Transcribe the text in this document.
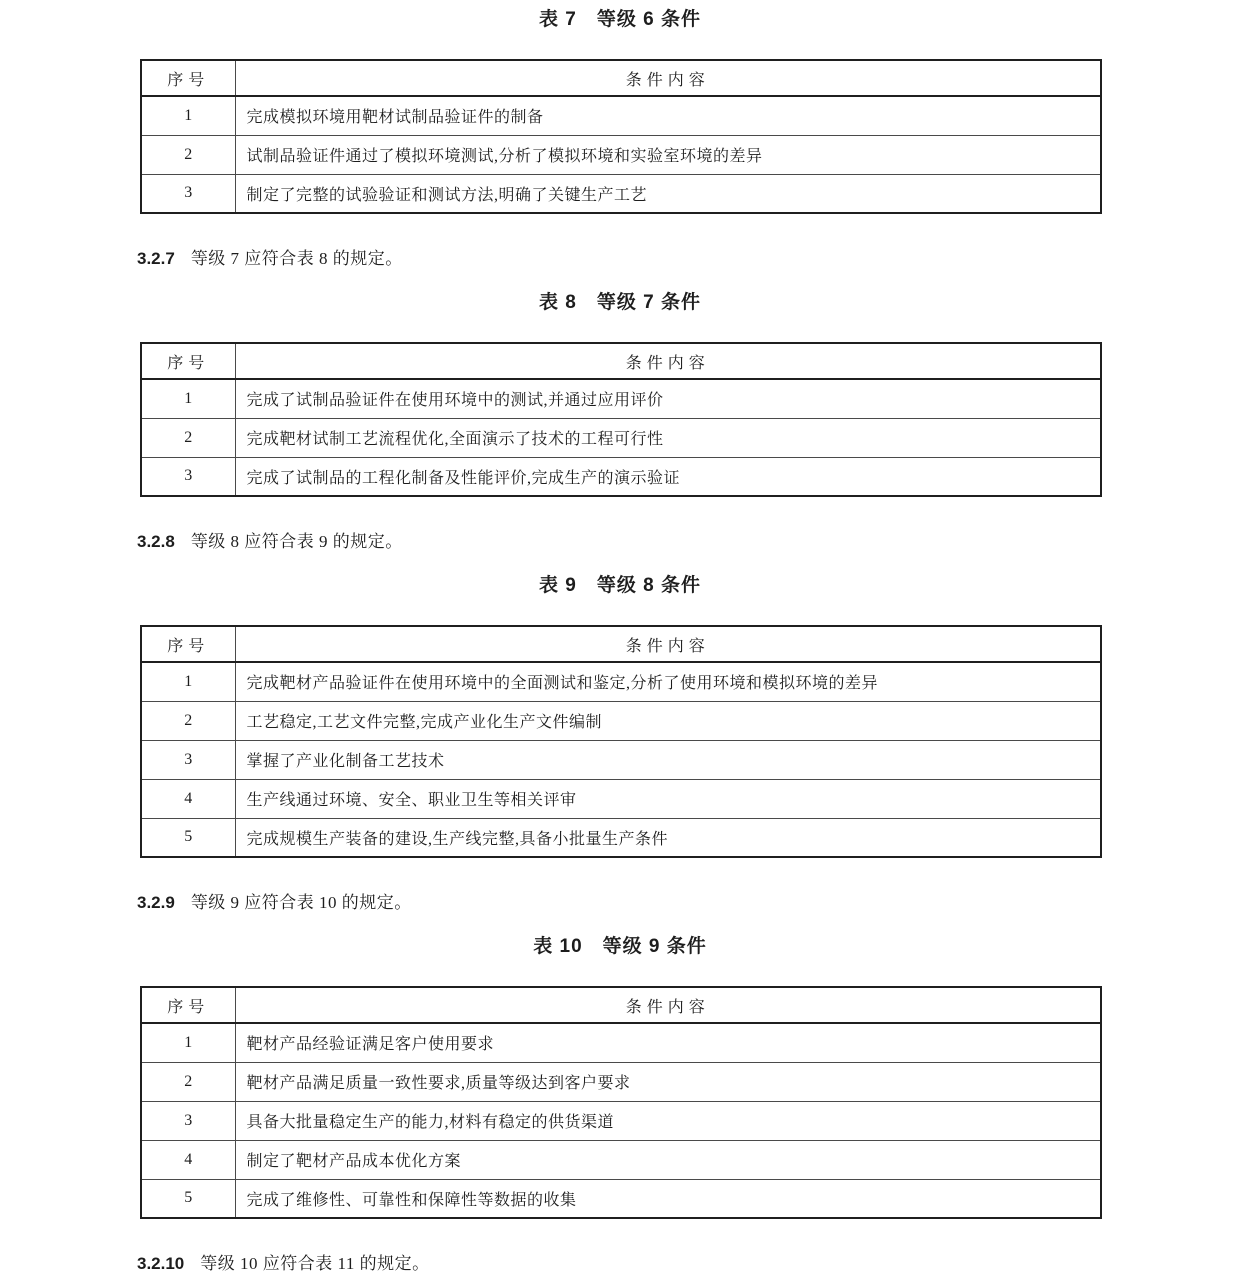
表 7 等级 6 条件
序号	条件内容
1	完成模拟环境用靶材试制品验证件的制备
2	试制品验证件通过了模拟环境测试,分析了模拟环境和实验室环境的差异
3	制定了完整的试验验证和测试方法,明确了关键生产工艺

3.2.7 等级 7 应符合表 8 的规定。

表 8 等级 7 条件
序号	条件内容
1	完成了试制品验证件在使用环境中的测试,并通过应用评价
2	完成靶材试制工艺流程优化,全面演示了技术的工程可行性
3	完成了试制品的工程化制备及性能评价,完成生产的演示验证

3.2.8 等级 8 应符合表 9 的规定。

表 9 等级 8 条件
序号	条件内容
1	完成靶材产品验证件在使用环境中的全面测试和鉴定,分析了使用环境和模拟环境的差异
2	工艺稳定,工艺文件完整,完成产业化生产文件编制
3	掌握了产业化制备工艺技术
4	生产线通过环境、安全、职业卫生等相关评审
5	完成规模生产装备的建设,生产线完整,具备小批量生产条件

3.2.9 等级 9 应符合表 10 的规定。

表 10 等级 9 条件
序号	条件内容
1	靶材产品经验证满足客户使用要求
2	靶材产品满足质量一致性要求,质量等级达到客户要求
3	具备大批量稳定生产的能力,材料有稳定的供货渠道
4	制定了靶材产品成本优化方案
5	完成了维修性、可靠性和保障性等数据的收集

3.2.10 等级 10 应符合表 11 的规定。
